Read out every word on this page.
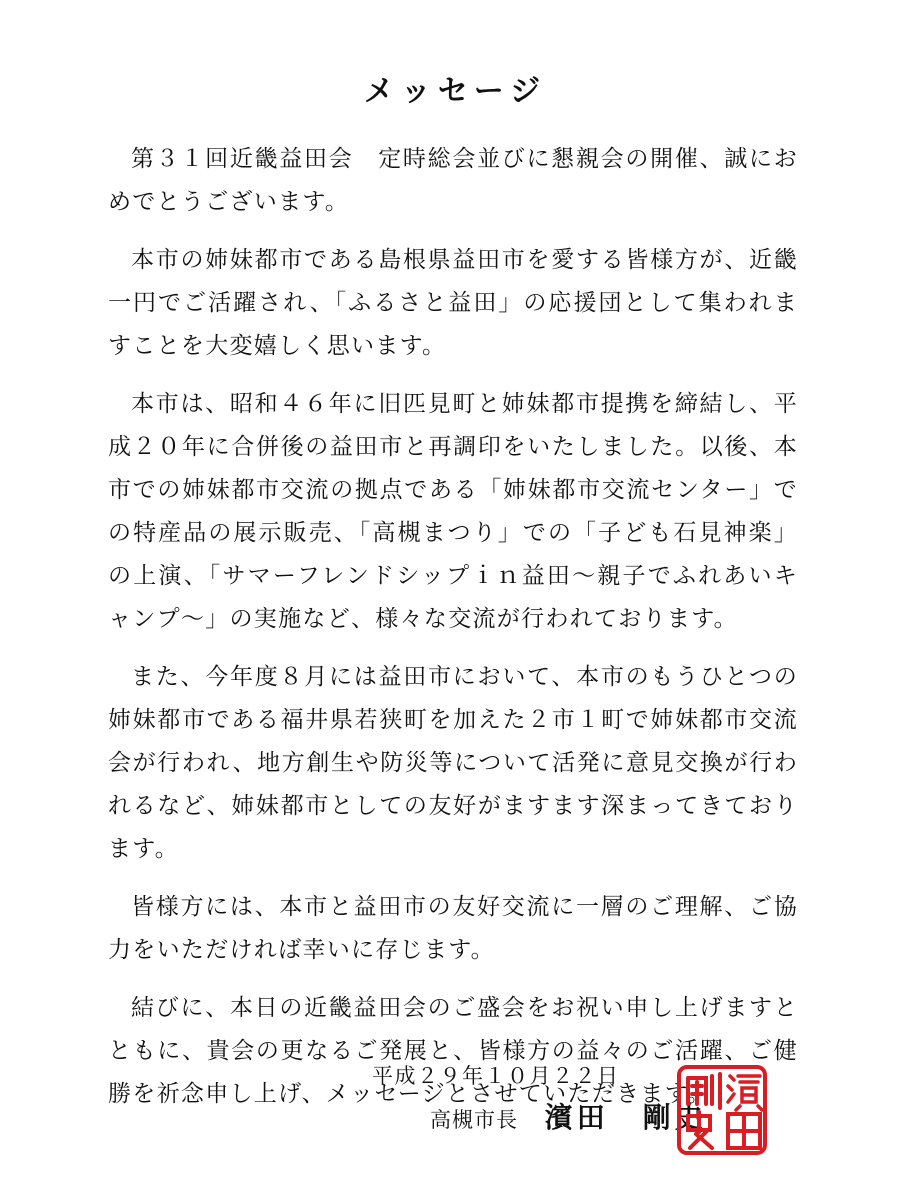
メッセージ

第３１回近畿益田会　定時総会並びに懇親会の開催、誠におめでとうございます。

本市の姉妹都市である島根県益田市を愛する皆様方が、近畿一円でご活躍され、「ふるさと益田」の応援団として集われますことを大変嬉しく思います。

本市は、昭和４６年に旧匹見町と姉妹都市提携を締結し、平成２０年に合併後の益田市と再調印をいたしました。以後、本市での姉妹都市交流の拠点である「姉妹都市交流センター」での特産品の展示販売、「高槻まつり」での「子ども石見神楽」の上演、「サマーフレンドシップｉｎ益田～親子でふれあいキャンプ～」の実施など、様々な交流が行われております。

また、今年度８月には益田市において、本市のもうひとつの姉妹都市である福井県若狭町を加えた２市１町で姉妹都市交流会が行われ、地方創生や防災等について活発に意見交換が行われるなど、姉妹都市としての友好がますます深まってきております。

皆様方には、本市と益田市の友好交流に一層のご理解、ご協力をいただければ幸いに存じます。

結びに、本日の近畿益田会のご盛会をお祝い申し上げますとともに、貴会の更なるご発展と、皆様方の益々のご活躍、ご健勝を祈念申し上げ、メッセージとさせていただきます。

平成２９年１０月２２日
高槻市長 濱田 剛史
